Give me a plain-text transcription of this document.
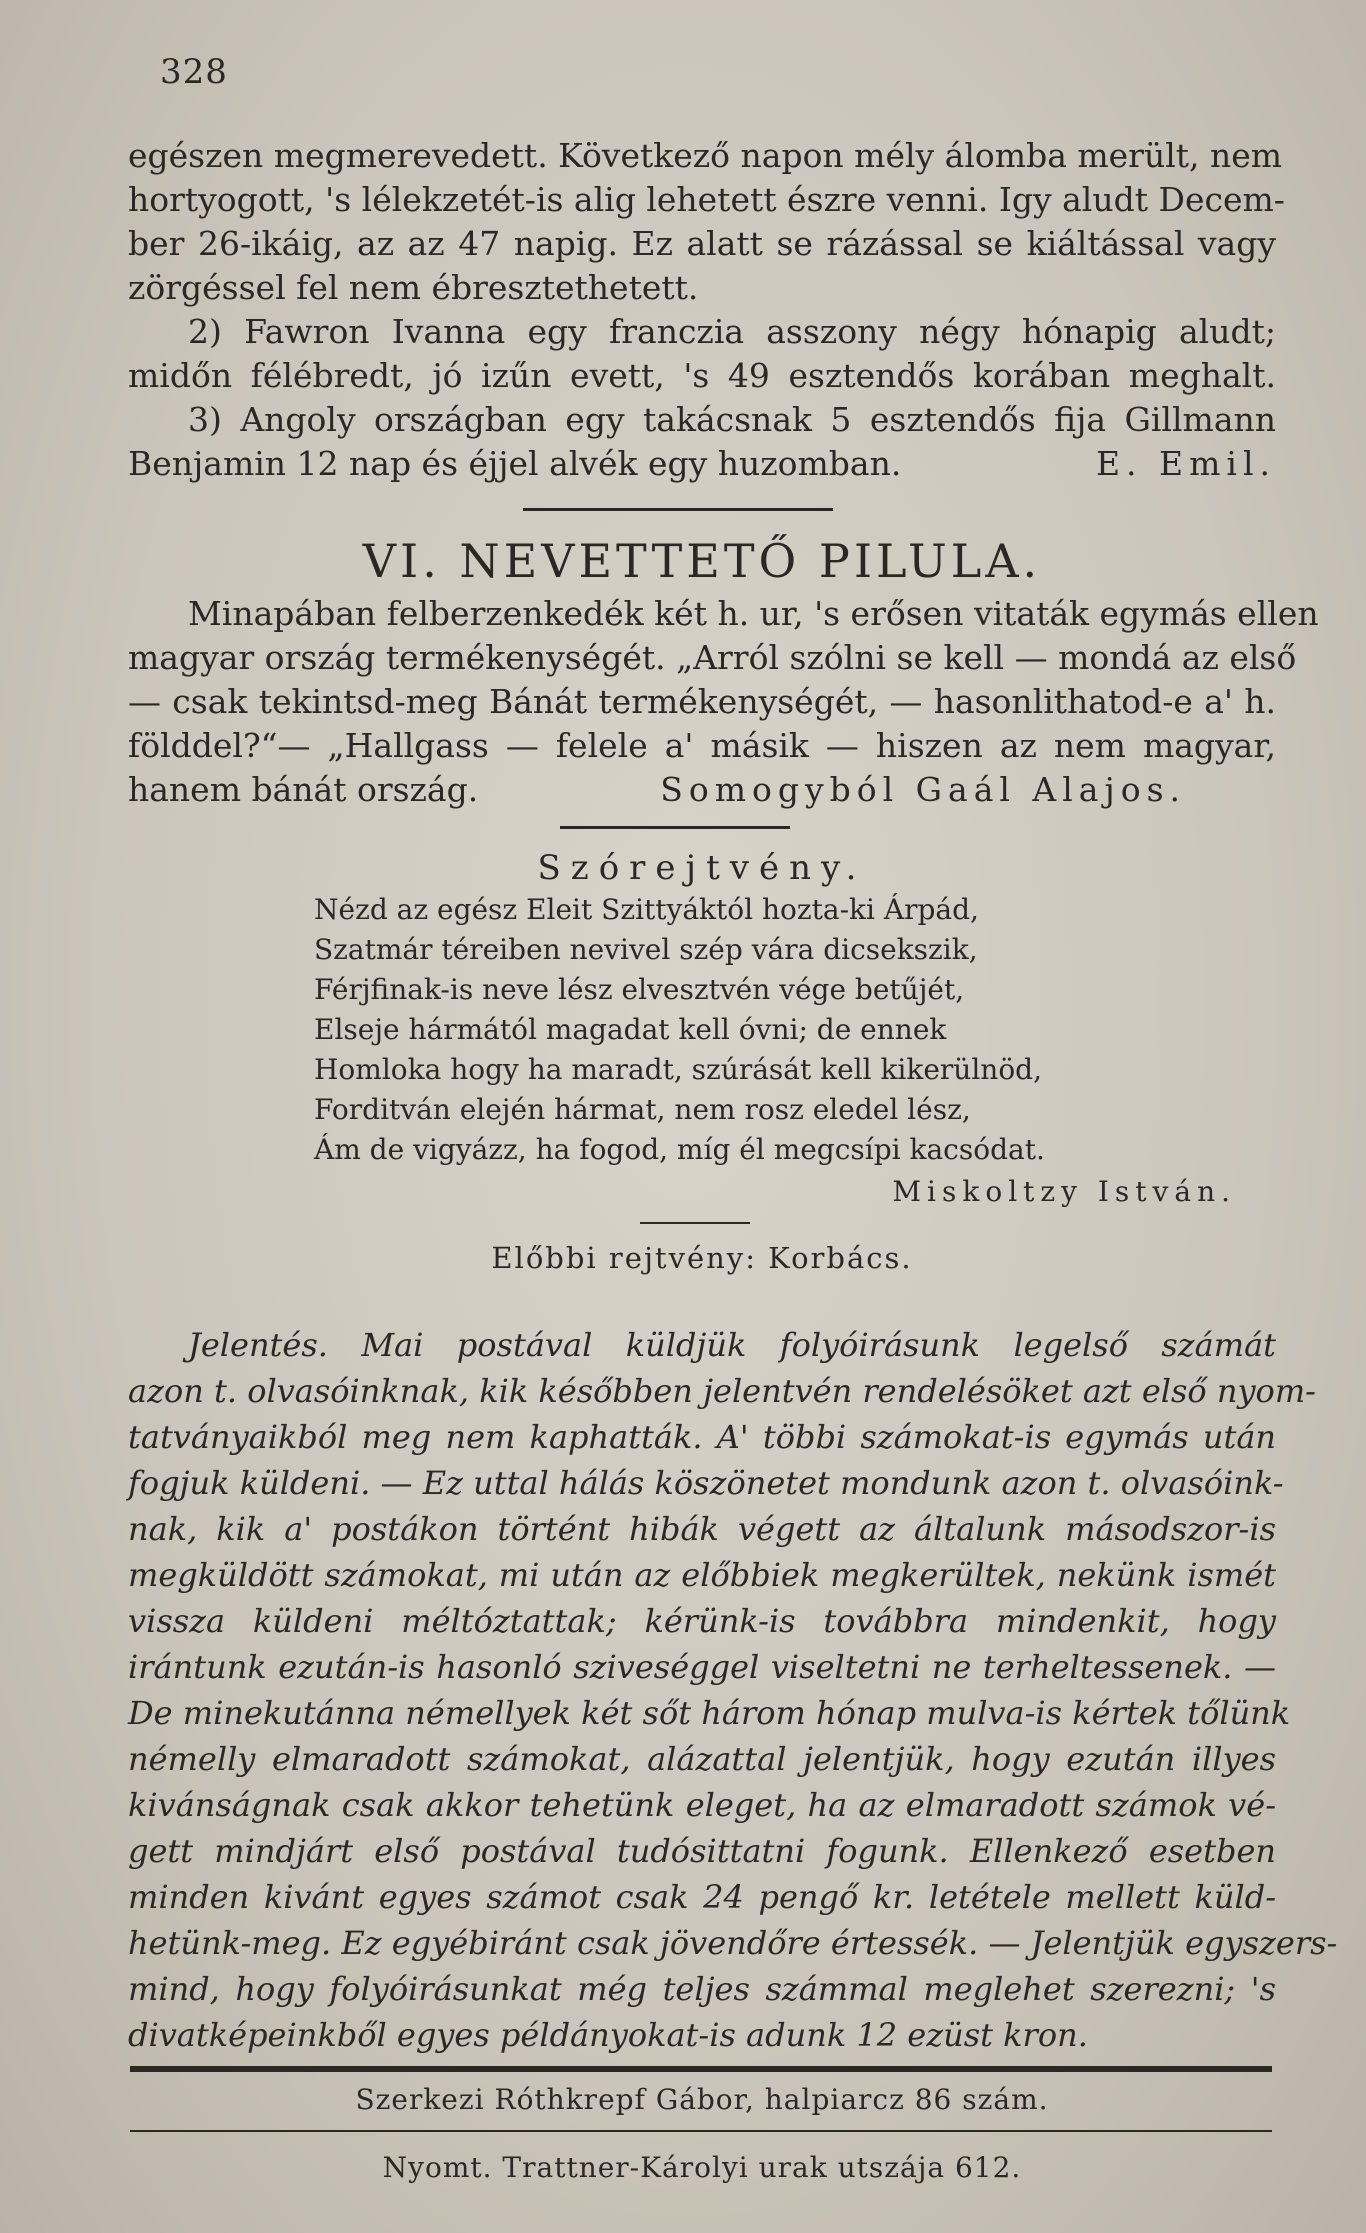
328
egészen megmerevedett. Következő napon mély álomba merült, nem
hortyogott, 's lélekzetét-is alig lehetett észre venni. Igy aludt Decem-
ber 26-ikáig, az az 47 napig. Ez alatt se rázással se kiáltással vagy
zörgéssel fel nem ébresztethetett.
2) Fawron Ivanna egy franczia asszony négy hónapig aludt;
midőn félébredt, jó izűn evett, 's 49 esztendős korában meghalt.
3) Angoly országban egy takácsnak 5 esztendős fija Gillmann
Benjamin 12 nap és éjjel alvék egy huzomban.	E. Emil.
VI. NEVETTETŐ PILULA.
Minapában felberzenkedék két h. ur, 's erősen vitaták egymás ellen
magyar ország termékenységét. „Arról szólni se kell — mondá az első
— csak tekintsd-meg Bánát termékenységét, — hasonlithatod-e a' h.
földdel?“— „Hallgass — felele a' másik — hiszen az nem magyar,
hanem bánát ország.	Somogyból Gaál Alajos.
Szórejtvény.
Nézd az egész Eleit Szittyáktól hozta-ki Árpád,
Szatmár téreiben nevivel szép vára dicsekszik,
Férjfinak-is neve lész elvesztvén vége betűjét,
Elseje hármától magadat kell óvni; de ennek
Homloka hogy ha maradt, szúrását kell kikerülnöd,
Forditván elején hármat, nem rosz eledel lész,
Ám de vigyázz, ha fogod, míg él megcsípi kacsódat.
Miskoltzy István.
Előbbi rejtvény: Korbács.
Jelentés. Mai postával küldjük folyóirásunk legelső számát
azon t. olvasóinknak, kik későbben jelentvén rendelésöket azt első nyom-
tatványaikból meg nem kaphatták. A' többi számokat-is egymás után
fogjuk küldeni. — Ez uttal hálás köszönetet mondunk azon t. olvasóink-
nak, kik a' postákon történt hibák végett az általunk másodszor-is
megküldött számokat, mi után az előbbiek megkerültek, nekünk ismét
vissza küldeni méltóztattak; kérünk-is továbbra mindenkit, hogy
irántunk ezután-is hasonló sziveséggel viseltetni ne terheltessenek. —
De minekutánna némellyek két sőt három hónap mulva-is kértek tőlünk
némelly elmaradott számokat, alázattal jelentjük, hogy ezután illyes
kivánságnak csak akkor tehetünk eleget, ha az elmaradott számok vé-
gett mindjárt első postával tudósittatni fogunk. Ellenkező esetben
minden kivánt egyes számot csak 24 pengő kr. letétele mellett küld-
hetünk-meg. Ez egyébiránt csak jövendőre értessék. — Jelentjük egyszers-
mind, hogy folyóirásunkat még teljes számmal meglehet szerezni; 's
divatképeinkből egyes példányokat-is adunk 12 ezüst kron.
Szerkezi Róthkrepf Gábor, halpiarcz 86 szám.
Nyomt. Trattner-Károlyi urak utszája 612.
